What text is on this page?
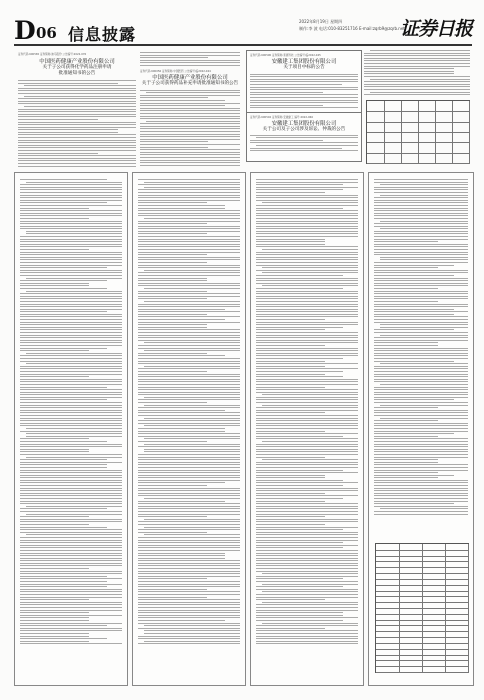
D 06 信息披露
2022年8月19日 星期四
制作:李 波 电话:010-83251716 E-mail:zqrb9@zqrb.net
证券日报
证券代码:600565 证券简称:迪马股份 公告编号:2022-076
中国医药健康产业股份有限公司
关于子公司获得化学药品注册申请
批准通知书的公告	证券代码:600056 证券简称:中国医药 公告编号:临2022-044
中国医药健康产业股份有限公司
关于子公司获得药品补充申请批准通知书的公告
证券代码:600590 证券简称:泰豪科技 公告编号:临2022-045
安徽建工集团股份有限公司
关于项目中标的公告
证券代码:600502 证券简称:安徽建工 编号:2022-066
安徽建工集团股份有限公司
关于公司及子公司涉及诉讼、仲裁的公告
